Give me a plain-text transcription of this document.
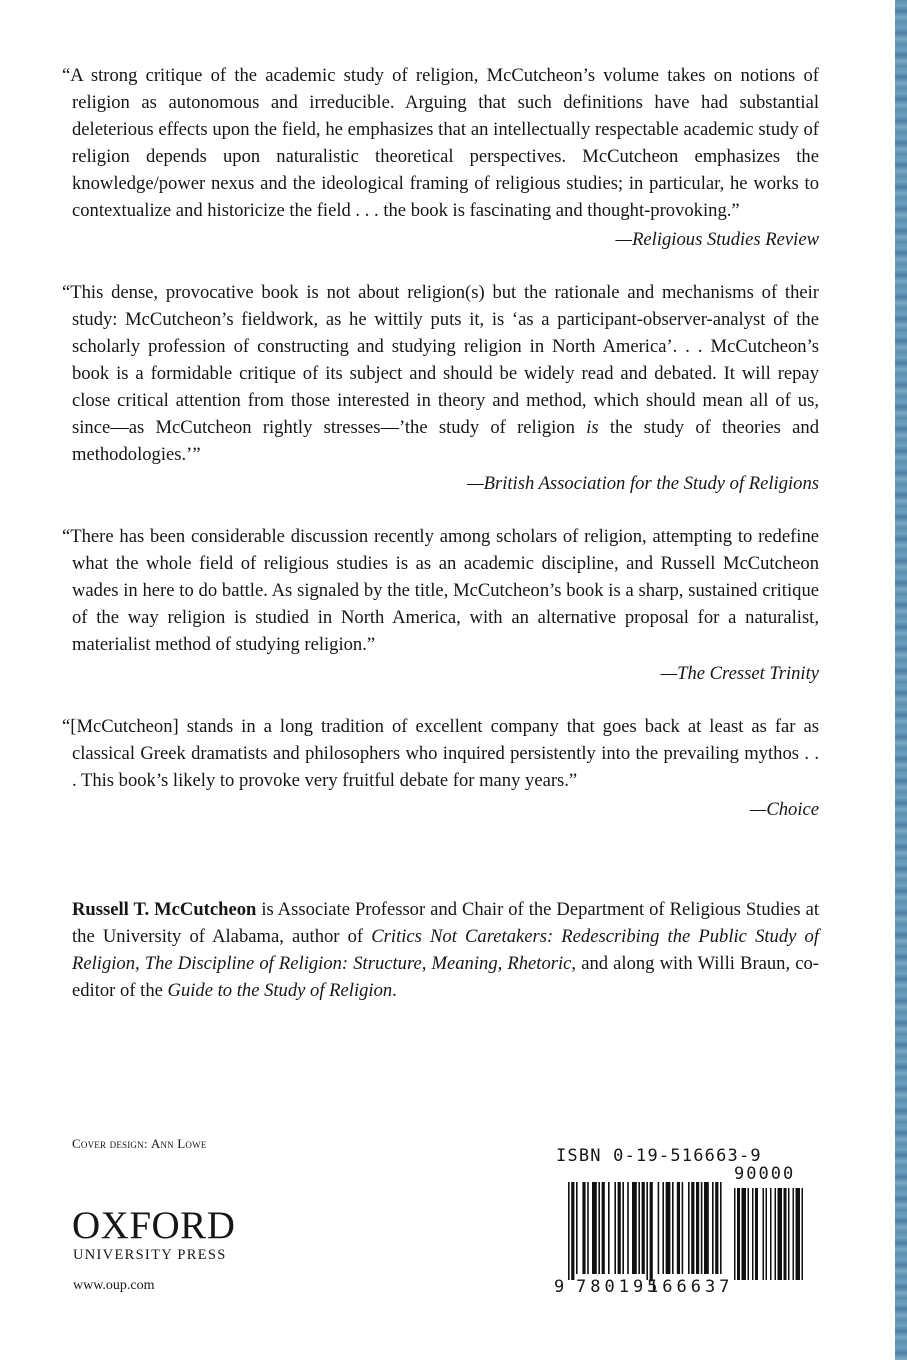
“A strong critique of the academic study of religion, McCutcheon’s volume takes on notions of religion as autonomous and irreducible. Arguing that such definitions have had substantial deleterious effects upon the field, he emphasizes that an intellectually respectable academic study of religion depends upon naturalistic theoretical perspectives. McCutcheon emphasizes the knowledge/power nexus and the ideological framing of religious studies; in particular, he works to contextualize and historicize the field . . . the book is fascinating and thought-provoking.”

—Religious Studies Review

“This dense, provocative book is not about religion(s) but the rationale and mechanisms of their study: McCutcheon’s fieldwork, as he wittily puts it, is ‘as a participant-observer-analyst of the scholarly profession of constructing and studying religion in North America’. . . McCutcheon’s book is a formidable critique of its subject and should be widely read and debated. It will repay close critical attention from those interested in theory and method, which should mean all of us, since—as McCutcheon rightly stresses—’the study of religion is the study of theories and methodologies.’”

—British Association for the Study of Religions

“There has been considerable discussion recently among scholars of religion, attempting to redefine what the whole field of religious studies is as an academic discipline, and Russell McCutcheon wades in here to do battle. As signaled by the title, McCutcheon’s book is a sharp, sustained critique of the way religion is studied in North America, with an alternative proposal for a naturalist, materialist method of studying religion.”

—The Cresset Trinity

“[McCutcheon] stands in a long tradition of excellent company that goes back at least as far as classical Greek dramatists and philosophers who inquired persistently into the prevailing mythos . . . This book’s likely to provoke very fruitful debate for many years.”

—Choice

Russell T. McCutcheon is Associate Professor and Chair of the Department of Religious Studies at the University of Alabama, author of Critics Not Caretakers: Redescribing the Public Study of Religion, The Discipline of Religion: Structure, Meaning, Rhetoric, and along with Willi Braun, co-editor of the Guide to the Study of Religion.

Cover design: Ann Lowe
OXFORD
UNIVERSITY PRESS
www.oup.com
ISBN 0-19-516663-9
90000
9 780195
166637
